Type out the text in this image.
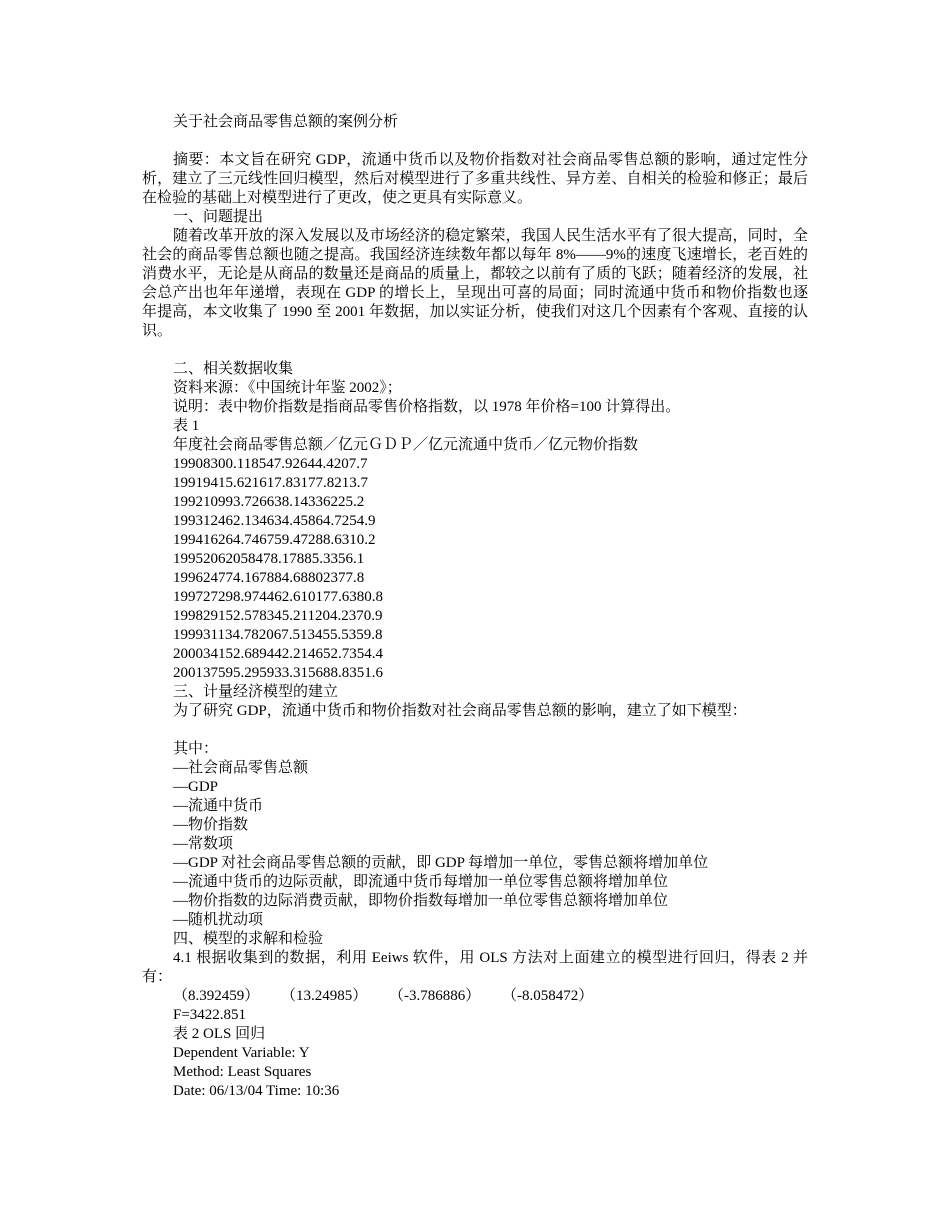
关于社会商品零售总额的案例分析

摘要：本文旨在研究 GDP，流通中货币以及物价指数对社会商品零售总额的影响，通过定性分析，建立了三元线性回归模型，然后对模型进行了多重共线性、异方差、自相关的检验和修正；最后在检验的基础上对模型进行了更改，使之更具有实际意义。

一、问题提出

随着改革开放的深入发展以及市场经济的稳定繁荣，我国人民生活水平有了很大提高，同时，全社会的商品零售总额也随之提高。我国经济连续数年都以每年 8%——9%的速度飞速增长，老百姓的消费水平，无论是从商品的数量还是商品的质量上，都较之以前有了质的飞跃；随着经济的发展，社会总产出也年年递增，表现在 GDP 的增长上，呈现出可喜的局面；同时流通中货币和物价指数也逐年提高，本文收集了 1990 至 2001 年数据，加以实证分析，使我们对这几个因素有个客观、直接的认识。

二、相关数据收集

资料来源：《中国统计年鉴 2002》；

说明：表中物价指数是指商品零售价格指数，以 1978 年价格=100 计算得出。

表 1

年度社会商品零售总额／亿元ＧＤＰ／亿元流通中货币／亿元物价指数

19908300.118547.92644.4207.7

19919415.621617.83177.8213.7

199210993.726638.14336225.2

199312462.134634.45864.7254.9

199416264.746759.47288.6310.2

19952062058478.17885.3356.1

199624774.167884.68802377.8

199727298.974462.610177.6380.8

199829152.578345.211204.2370.9

199931134.782067.513455.5359.8

200034152.689442.214652.7354.4

200137595.295933.315688.8351.6

三、计量经济模型的建立

为了研究 GDP，流通中货币和物价指数对社会商品零售总额的影响，建立了如下模型：

其中：

—社会商品零售总额

—GDP

—流通中货币

—物价指数

—常数项

—GDP 对社会商品零售总额的贡献，即 GDP 每增加一单位，零售总额将增加单位

—流通中货币的边际贡献，即流通中货币每增加一单位零售总额将增加单位

—物价指数的边际消费贡献，即物价指数每增加一单位零售总额将增加单位

—随机扰动项

四、模型的求解和检验

4.1 根据收集到的数据，利用 Eeiws 软件，用 OLS 方法对上面建立的模型进行回归，得表 2 并有：

（8.392459） （13.24985） （-3.786886） （-8.058472）

F=3422.851

表 2 OLS 回归

Dependent Variable: Y

Method: Least Squares

Date: 06/13/04 Time: 10:36
